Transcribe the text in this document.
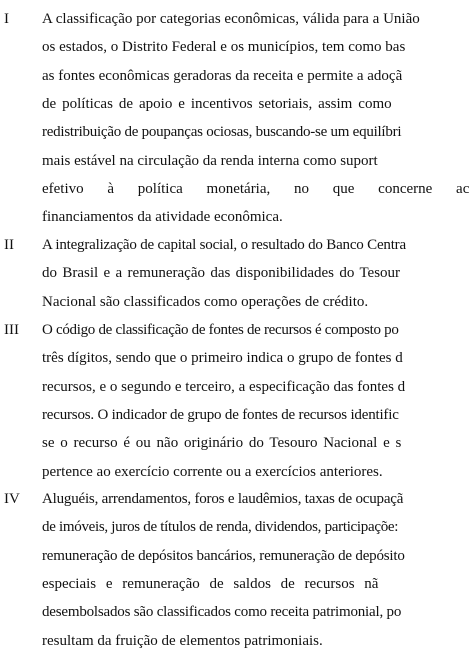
I A classificação por categorias econômicas, válida para a União
os estados, o Distrito Federal e os municípios, tem como bas
as fontes econômicas geradoras da receita e permite a adoçã
de políticas de apoio e incentivos setoriais, assim como
redistribuição de poupanças ociosas, buscando-se um equilíbri
mais estável na circulação da renda interna como suport
efetivo à política monetária, no que concerne ac
financiamentos da atividade econômica.
II A integralização de capital social, o resultado do Banco Centra
do Brasil e a remuneração das disponibilidades do Tesour
Nacional são classificados como operações de crédito.
III O código de classificação de fontes de recursos é composto po
três dígitos, sendo que o primeiro indica o grupo de fontes d
recursos, e o segundo e terceiro, a especificação das fontes d
recursos. O indicador de grupo de fontes de recursos identific
se o recurso é ou não originário do Tesouro Nacional e s
pertence ao exercício corrente ou a exercícios anteriores.
IV Aluguéis, arrendamentos, foros e laudêmios, taxas de ocupaçã
de imóveis, juros de títulos de renda, dividendos, participaçõe:
remuneração de depósitos bancários, remuneração de depósito
especiais e remuneração de saldos de recursos nã
desembolsados são classificados como receita patrimonial, po
resultam da fruição de elementos patrimoniais.
